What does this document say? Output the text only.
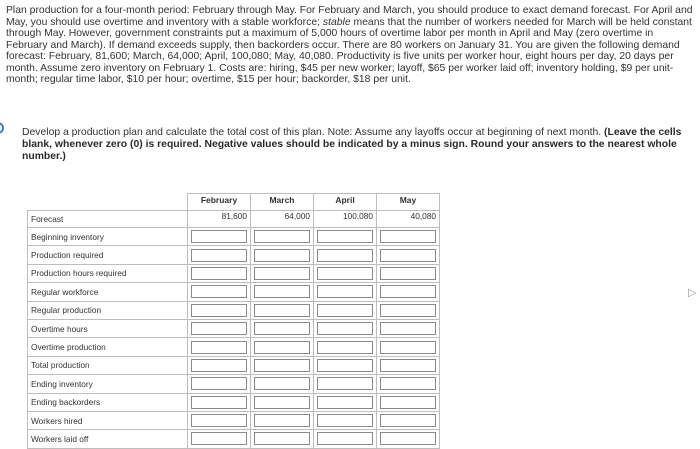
Plan production for a four-month period: February through May. For February and March, you should produce to exact demand forecast. For April and May, you should use overtime and inventory with a stable workforce; stable means that the number of workers needed for March will be held constant through May. However, government constraints put a maximum of 5,000 hours of overtime labor per month in April and May (zero overtime in February and March). If demand exceeds supply, then backorders occur. There are 80 workers on January 31. You are given the following demand forecast: February, 81,600; March, 64,000; April, 100,080; May, 40,080. Productivity is five units per worker hour, eight hours per day, 20 days per month. Assume zero inventory on February 1. Costs are: hiring, $45 per new worker; layoff, $65 per worker laid off; inventory holding, $9 per unit-month; regular time labor, $10 per hour; overtime, $15 per hour; backorder, $18 per unit.

Develop a production plan and calculate the total cost of this plan. Note: Assume any layoffs occur at beginning of next month. (Leave the cells blank, whenever zero (0) is required. Negative values should be indicated by a minus sign. Round your answers to the nearest whole number.)

▷
	February	March	April	May
Forecast	81,600	64,000	100,080	40,080
Beginning inventory	

Production required	

Production hours required	

Regular workforce	

Regular production	

Overtime hours	

Overtime production	

Total production	

Ending inventory	

Ending backorders	

Workers hired	

Workers laid off	
